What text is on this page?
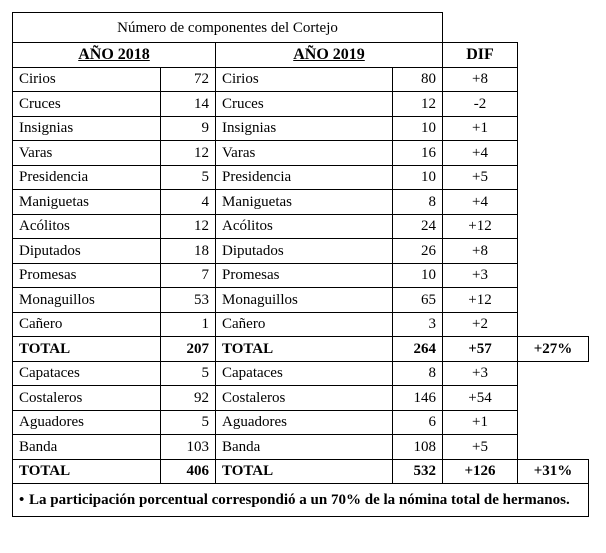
Número de componentes del Cortejo					
AÑO 2018		AÑO 2019		DIF	
Cirios	72	Cirios	80	+8	
Cruces	14	Cruces	12	-2	
Insignias	9	Insignias	10	+1	
Varas	12	Varas	16	+4	
Presidencia	5	Presidencia	10	+5	
Maniguetas	4	Maniguetas	8	+4	
Acólitos	12	Acólitos	24	+12	
Diputados	18	Diputados	26	+8	
Promesas	7	Promesas	10	+3	
Monaguillos	53	Monaguillos	65	+12	
Cañero	1	Cañero	3	+2	
TOTAL	207	TOTAL	264	+57	+27%
Capataces	5	Capataces	8	+3	
Costaleros	92	Costaleros	146	+54	
Aguadores	5	Aguadores	6	+1	
Banda	103	Banda	108	+5	
TOTAL	406	TOTAL	532	+126	+31%
• La participación porcentual correspondió a un 70% de la nómina total de hermanos.					
